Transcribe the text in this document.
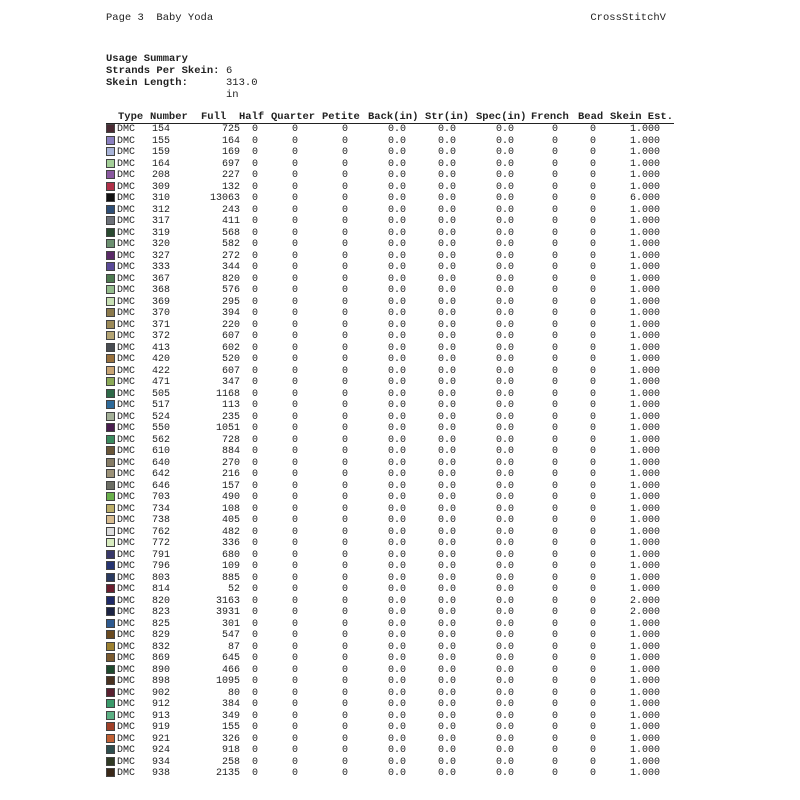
Page 3  Baby Yoda	CrossStitchV
Usage Summary
Strands Per Skein: 6
Skein Length:	313.0 in
Type Number Full Half Quarter Petite Back(in) Str(in) Spec(in) French Bead Skein Est.
DMC 154	725 0	0	0	0.0	0.0	0.0	0	0	1.000
DMC 155	164 0	0	0	0.0	0.0	0.0	0	0	1.000
DMC 159	169 0	0	0	0.0	0.0	0.0	0	0	1.000
DMC 164	697 0	0	0	0.0	0.0	0.0	0	0	1.000
DMC 208	227 0	0	0	0.0	0.0	0.0	0	0	1.000
DMC 309	132 0	0	0	0.0	0.0	0.0	0	0	1.000
DMC 310	13063 0	0	0	0.0	0.0	0.0	0	0	6.000
DMC 312	243 0	0	0	0.0	0.0	0.0	0	0	1.000
DMC 317	411 0	0	0	0.0	0.0	0.0	0	0	1.000
DMC 319	568 0	0	0	0.0	0.0	0.0	0	0	1.000
DMC 320	582 0	0	0	0.0	0.0	0.0	0	0	1.000
DMC 327	272 0	0	0	0.0	0.0	0.0	0	0	1.000
DMC 333	344 0	0	0	0.0	0.0	0.0	0	0	1.000
DMC 367	820 0	0	0	0.0	0.0	0.0	0	0	1.000
DMC 368	576 0	0	0	0.0	0.0	0.0	0	0	1.000
DMC 369	295 0	0	0	0.0	0.0	0.0	0	0	1.000
DMC 370	394 0	0	0	0.0	0.0	0.0	0	0	1.000
DMC 371	220 0	0	0	0.0	0.0	0.0	0	0	1.000
DMC 372	607 0	0	0	0.0	0.0	0.0	0	0	1.000
DMC 413	602 0	0	0	0.0	0.0	0.0	0	0	1.000
DMC 420	520 0	0	0	0.0	0.0	0.0	0	0	1.000
DMC 422	607 0	0	0	0.0	0.0	0.0	0	0	1.000
DMC 471	347 0	0	0	0.0	0.0	0.0	0	0	1.000
DMC 505	1168 0	0	0	0.0	0.0	0.0	0	0	1.000
DMC 517	113 0	0	0	0.0	0.0	0.0	0	0	1.000
DMC 524	235 0	0	0	0.0	0.0	0.0	0	0	1.000
DMC 550	1051 0	0	0	0.0	0.0	0.0	0	0	1.000
DMC 562	728 0	0	0	0.0	0.0	0.0	0	0	1.000
DMC 610	884 0	0	0	0.0	0.0	0.0	0	0	1.000
DMC 640	270 0	0	0	0.0	0.0	0.0	0	0	1.000
DMC 642	216 0	0	0	0.0	0.0	0.0	0	0	1.000
DMC 646	157 0	0	0	0.0	0.0	0.0	0	0	1.000
DMC 703	490 0	0	0	0.0	0.0	0.0	0	0	1.000
DMC 734	108 0	0	0	0.0	0.0	0.0	0	0	1.000
DMC 738	405 0	0	0	0.0	0.0	0.0	0	0	1.000
DMC 762	482 0	0	0	0.0	0.0	0.0	0	0	1.000
DMC 772	336 0	0	0	0.0	0.0	0.0	0	0	1.000
DMC 791	680 0	0	0	0.0	0.0	0.0	0	0	1.000
DMC 796	109 0	0	0	0.0	0.0	0.0	0	0	1.000
DMC 803	885 0	0	0	0.0	0.0	0.0	0	0	1.000
DMC 814	52 0	0	0	0.0	0.0	0.0	0	0	1.000
DMC 820	3163 0	0	0	0.0	0.0	0.0	0	0	2.000
DMC 823	3931 0	0	0	0.0	0.0	0.0	0	0	2.000
DMC 825	301 0	0	0	0.0	0.0	0.0	0	0	1.000
DMC 829	547 0	0	0	0.0	0.0	0.0	0	0	1.000
DMC 832	87 0	0	0	0.0	0.0	0.0	0	0	1.000
DMC 869	645 0	0	0	0.0	0.0	0.0	0	0	1.000
DMC 890	466 0	0	0	0.0	0.0	0.0	0	0	1.000
DMC 898	1095 0	0	0	0.0	0.0	0.0	0	0	1.000
DMC 902	80 0	0	0	0.0	0.0	0.0	0	0	1.000
DMC 912	384 0	0	0	0.0	0.0	0.0	0	0	1.000
DMC 913	349 0	0	0	0.0	0.0	0.0	0	0	1.000
DMC 919	155 0	0	0	0.0	0.0	0.0	0	0	1.000
DMC 921	326 0	0	0	0.0	0.0	0.0	0	0	1.000
DMC 924	918 0	0	0	0.0	0.0	0.0	0	0	1.000
DMC 934	258 0	0	0	0.0	0.0	0.0	0	0	1.000
DMC 938	2135 0	0	0	0.0	0.0	0.0	0	0	1.000
